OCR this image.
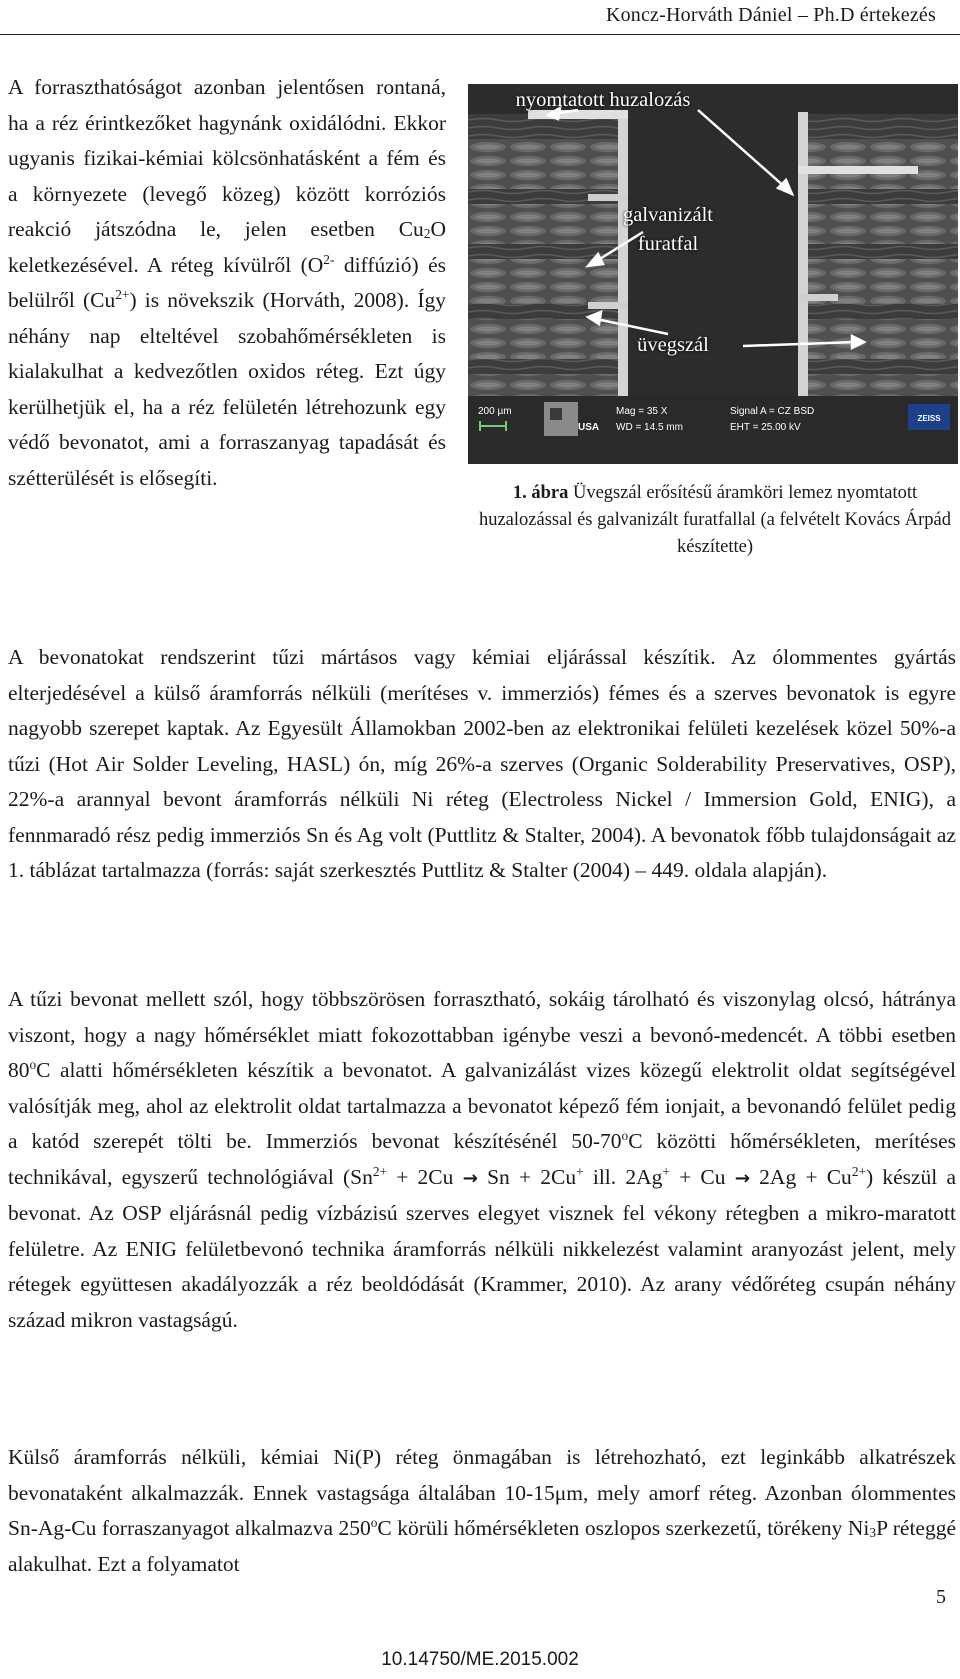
Koncz-Horváth Dániel – Ph.D értekezés

A forraszthatóságot azonban jelentősen rontaná, ha a réz érintkezőket hagynánk oxidálódni. Ekkor ugyanis fizikai-kémiai kölcsönhatásként a fém és a környezete (levegő közeg) között korróziós reakció játszódna le, jelen esetben $Cu_2O$ keletkezésével. A réteg kívülről ($O^{2-}$ diffúzió) és belülről $(Cu^{2+})$ is növekszik (Horváth, 2008). Így néhány nap elteltével szobahőmérsékleten is kialakulhat a kedvezőtlen oxidos réteg. Ezt úgy kerülhetjük el, ha a réz felületén létrehozunk egy védő bevonatot, ami a forraszanyag tapadását és szétterülését is elősegíti.

200 µm
USA
Mag = 35 X
WD = 14.5 mm
Signal A = CZ BSD
EHT = 25.00 kV
ZEISS
nyomtatott huzalozás
galvanizált furatfal
üvegszál
1. ábra Üvegszál erősítésű áramköri lemez nyomtatott huzalozással és galvanizált furatfallal (a felvételt Kovács Árpád készítette)

A bevonatokat rendszerint tűzi mártásos vagy kémiai eljárással készítik. Az ólommentes gyártás elterjedésével a külső áramforrás nélküli (merítéses v. immerziós) fémes és a szerves bevonatok is egyre nagyobb szerepet kaptak. Az Egyesült Államokban 2002-ben az elektronikai felületi kezelések közel 50%-a tűzi (Hot Air Solder Leveling, HASL) ón, míg 26%-a szerves (Organic Solderability Preservatives, OSP), 22%-a arannyal bevont áramforrás nélküli Ni réteg (Electroless Nickel / Immersion Gold, ENIG), a fennmaradó rész pedig immerziós Sn és Ag volt (Puttlitz & Stalter, 2004). A bevonatok főbb tulajdonságait az 1. táblázat tartalmazza (forrás: saját szerkesztés Puttlitz & Stalter (2004) – 449. oldala alapján).

A tűzi bevonat mellett szól, hogy többszörösen forrasztható, sokáig tárolható és viszonylag olcsó, hátránya viszont, hogy a nagy hőmérséklet miatt fokozottabban igénybe veszi a bevonó-medencét. A többi esetben 80$^o$C alatti hőmérsékleten készítik a bevonatot. A galvanizálást vizes közegű elektrolit oldat segítségével valósítják meg, ahol az elektrolit oldat tartalmazza a bevonatot képező fém ionjait, a bevonandó felület pedig a katód szerepét tölti be. Immerziós bevonat készítésénél 50-70$^o$C közötti hőmérsékleten, merítéses technikával, egyszerű technológiával ($Sn^{2+} + 2Cu \to Sn + 2Cu^+$ ill. $2Ag^+ + Cu \to 2Ag + Cu^{2+}$) készül a bevonat. Az OSP eljárásnál pedig vízbázisú szerves elegyet visznek fel vékony rétegben a mikro-maratott felületre. Az ENIG felületbevonó technika áramforrás nélküli nikkelezést valamint aranyozást jelent, mely rétegek együttesen akadályozzák a réz beoldódását (Krammer, 2010). Az arany védőréteg csupán néhány század mikron vastagságú.

Külső áramforrás nélküli, kémiai Ni(P) réteg önmagában is létrehozható, ezt leginkább alkatrészek bevonataként alkalmazzák. Ennek vastagsága általában 10-15μm, mely amorf réteg. Azonban ólommentes Sn-Ag-Cu forraszanyagot alkalmazva 250$^o$C körüli hőmérsékleten oszlopos szerkezetű, törékeny $Ni_3P$ réteggé alakulhat. Ezt a folyamatot

5
10.14750/ME.2015.002
